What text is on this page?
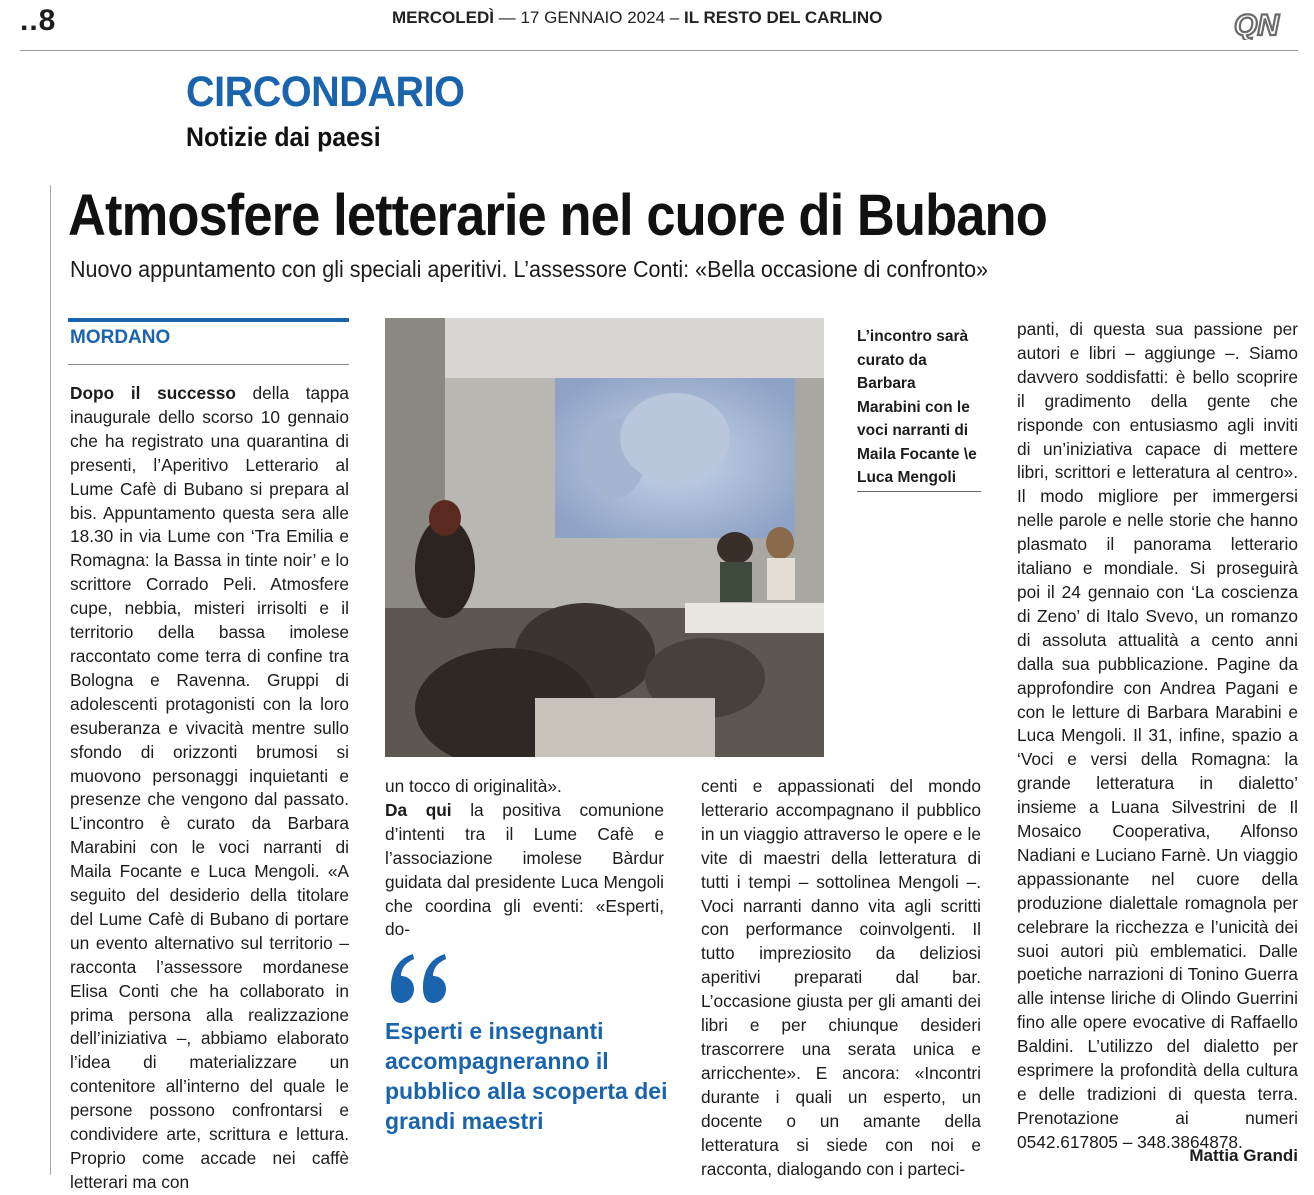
..8	MERCOLEDÌ — 17 GENNAIO 2024 – IL RESTO DEL CARLINO	QN
CIRCONDARIO
Notizie dai paesi
Atmosfere letterarie nel cuore di Bubano
Nuovo appuntamento con gli speciali aperitivi. L’assessore Conti: «Bella occasione di confronto»
MORDANO

Dopo il successo della tappa inaugurale dello scorso 10 gennaio che ha registrato una quarantina di presenti, l’Aperitivo Letterario al Lume Cafè di Bubano si prepara al bis. Appuntamento questa sera alle 18.30 in via Lume con ‘Tra Emilia e Romagna: la Bassa in tinte noir’ e lo scrittore Corrado Peli. Atmosfere cupe, nebbia, misteri irrisolti e il territorio della bassa imolese raccontato come terra di confine tra Bologna e Ravenna. Gruppi di adolescenti protagonisti con la loro esuberanza e vivacità mentre sullo sfondo di orizzonti brumosi si muovono personaggi inquietanti e presenze che vengono dal passato. L’incontro è curato da Barbara Marabini con le voci narranti di Maila Focante e Luca Mengoli. «A seguito del desiderio della titolare del Lume Cafè di Bubano di portare un evento alternativo sul territorio – racconta l’assessore mordanese Elisa Conti che ha collaborato in prima persona alla realizzazione dell’iniziativa –, abbiamo elaborato l’idea di materializzare un contenitore all’interno del quale le persone possono confrontarsi e condividere arte, scrittura e lettura. Proprio come accade nei caffè letterari ma con

L’incontro sarà curato da Barbara Marabini con le voci narranti di Maila Focante \e Luca Mengoli

un tocco di originalità».

Da qui la positiva comunione d’intenti tra il Lume Cafè e l’associazione imolese Bàrdur guidata dal presidente Luca Mengoli che coordina gli eventi: «Esperti, do-

Esperti e insegnanti accompagneranno il pubblico alla scoperta dei grandi maestri

centi e appassionati del mondo letterario accompagnano il pubblico in un viaggio attraverso le opere e le vite di maestri della letteratura di tutti i tempi – sottolinea Mengoli –. Voci narranti danno vita agli scritti con performance coinvolgenti. Il tutto impreziosito da deliziosi aperitivi preparati dal bar. L’occasione giusta per gli amanti dei libri e per chiunque desideri trascorrere una serata unica e arricchente». E ancora: «Incontri durante i quali un esperto, un docente o un amante della letteratura si siede con noi e racconta, dialogando con i parteci-

panti, di questa sua passione per autori e libri – aggiunge –. Siamo davvero soddisfatti: è bello scoprire il gradimento della gente che risponde con entusiasmo agli inviti di un’iniziativa capace di mettere libri, scrittori e letteratura al centro». Il modo migliore per immergersi nelle parole e nelle storie che hanno plasmato il panorama letterario italiano e mondiale. Si proseguirà poi il 24 gennaio con ‘La coscienza di Zeno’ di Italo Svevo, un romanzo di assoluta attualità a cento anni dalla sua pubblicazione. Pagine da approfondire con Andrea Pagani e con le letture di Barbara Marabini e Luca Mengoli. Il 31, infine, spazio a ‘Voci e versi della Romagna: la grande letteratura in dialetto’ insieme a Luana Silvestrini de Il Mosaico Cooperativa, Alfonso Nadiani e Luciano Farnè. Un viaggio appassionante nel cuore della produzione dialettale romagnola per celebrare la ricchezza e l’unicità dei suoi autori più emblematici. Dalle poetiche narrazioni di Tonino Guerra alle intense liriche di Olindo Guerrini fino alle opere evocative di Raffaello Baldini. L’utilizzo del dialetto per esprimere la profondità della cultura e delle tradizioni di questa terra. Prenotazione ai numeri 0542.617805 – 348.3864878.

Mattia Grandi
